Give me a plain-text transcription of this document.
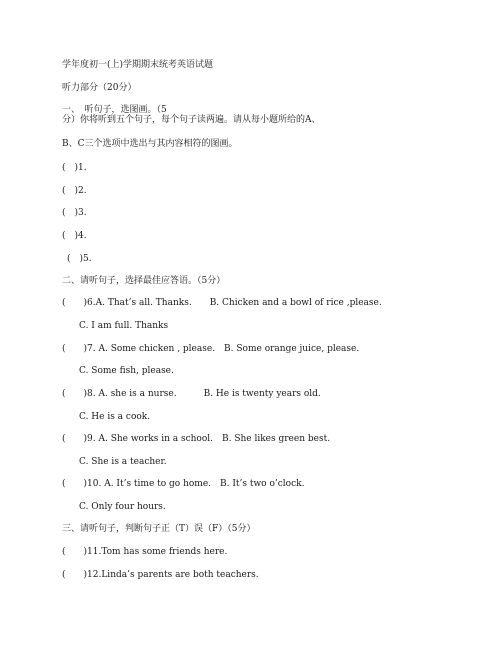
学年度初一(上)学期期末统考英语试题
听力部分（20分）
一、　听句子，选图画。（5
分）你将听到五个句子，每个句子读两遍。请从每小题所给的A、
B、C三个选项中选出与其内容相符的图画。
(　)1.
(　)2.
(　)3.
(　)4.
(　)5.
二、请听句子，选择最佳应答语。（5分）
(　　)6.A. That’s all. Thanks.　　B. Chicken and a bowl of rice ,please.
C. I am full. Thanks
(　　)7. A. Some chicken , please.　B. Some orange juice, please.
C. Some fish, please.
(　　)8. A. she is a nurse.　　　B. He is twenty years old.
C. He is a cook.
(　　)9. A. She works in a school.　B. She likes green best.
C. She is a teacher.
(　　)10. A. It’s time to go home.　B. It’s two o’clock.
C. Only four hours.
三、请听句子，判断句子正（T）误（F）（5分）
(　　)11.Tom has some friends here.
(　　)12.Linda’s parents are both teachers.
